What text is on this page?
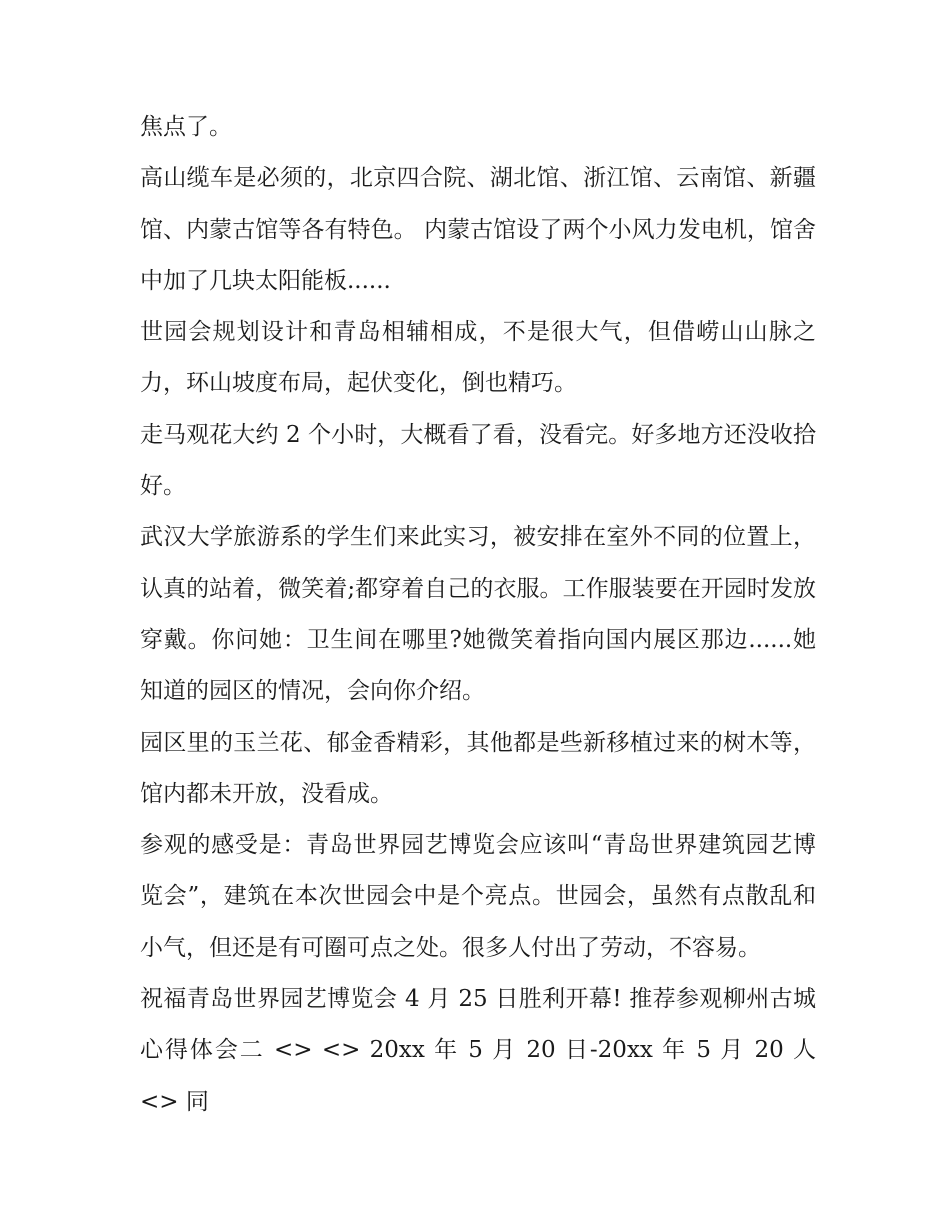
焦点了。

高山缆车是必须的，北京四合院、湖北馆、浙江馆、云南馆、新疆馆、内蒙古馆等各有特色。 内蒙古馆设了两个小风力发电机，馆舍中加了几块太阳能板......

世园会规划设计和青岛相辅相成，不是很大气，但借崂山山脉之力，环山坡度布局，起伏变化，倒也精巧。

走马观花大约 2 个小时，大概看了看，没看完。好多地方还没收拾好。

武汉大学旅游系的学生们来此实习，被安排在室外不同的位置上，认真的站着，微笑着;都穿着自己的衣服。工作服装要在开园时发放穿戴。你问她：卫生间在哪里?她微笑着指向国内展区那边......她知道的园区的情况，会向你介绍。

园区里的玉兰花、郁金香精彩，其他都是些新移植过来的树木等，馆内都未开放，没看成。

参观的感受是：青岛世界园艺博览会应该叫“青岛世界建筑园艺博览会”，建筑在本次世园会中是个亮点。世园会，虽然有点散乱和小气，但还是有可圈可点之处。很多人付出了劳动，不容易。

祝福青岛世界园艺博览会 4 月 25 日胜利开幕! 推荐参观柳州古城心得体会二 <> <> 20xx 年 5 月 20 日-20xx 年 5 月 20 人 <> 同
